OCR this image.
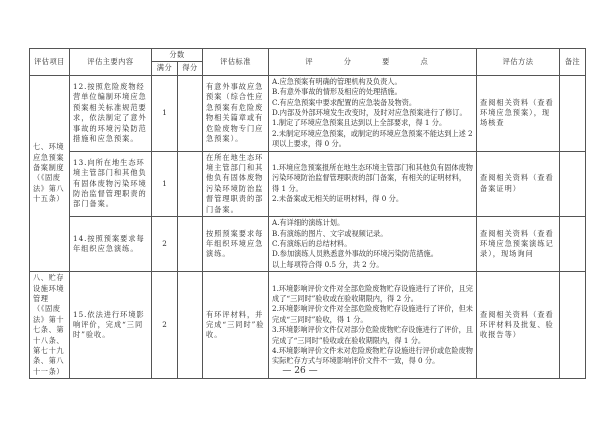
评估项目	评估主要内容	分数		评估标准	评　分　要　点	评估方法	备注
		满分	得分				
七、环境应急预案备案制度（《固废法》第八十五条）	12.按照危险废物经营单位编制环境应急预案相关标准规范要求，依法制定了意外事故的环境污染防范措施和应急预案。	1		有意外事故应急预案（综合性应急预案有危险废物相关篇章或有危险废物专门应急预案）。	
A.应急预案有明确的管理机构及负责人。
B.有意外事故的情形及相应的处理措施。
C.有应急预案中要求配置的应急装备及物资。
D.内部及外部环境发生改变时，及时对应急预案进行了修订。
1.制定了环境应急预案且达到以上全部要求，得 1 分。
2.未制定环境应急预案，或制定的环境应急预案不能达到上述 2 项以上要求，得 0 分。
	查阅相关资料（查看环境应急预案），现场核查	
	13.向所在地生态环境主管部门和其他负有固体废物污染环境防治监督管理职责的部门备案。	1		在所在地生态环境主管部门和其他负有固体废物污染环境防治监督管理职责的部门备案。	1.环境应急预案报所在地生态环境主管部门和其他负有固体废物污染环境防治监督管理职责的部门备案，有相关的证明材料，得 1 分。
2.未备案或无相关的证明材料，得 0 分。	查阅相关资料（查看备案证明）	
	14.按照预案要求每年组织应急演练。	2		按照预案要求每年组织环境应急演练。	A.有详细的演练计划。
B.有演练的图片、文字或视频记录。
C.有演练后的总结材料。
D.参加演练人员熟悉意外事故的环境污染防范措施。
以上每项符合得 0.5 分，共 2 分。	查阅相关资料（查看环境应急预案演练记录），现场询问	
八、贮存设施环境管理（《固废法》第十七条、第十八条、第七十九条、第八十一条）	15.依法进行环境影响评价，完成“三同时”验收。	2		有环评材料，并完成“三同时”验收。	1.环境影响评价文件对全部危险废物贮存设施进行了评价，且完成了“三同时”验收或在验收期限内，得 2 分。
2.环境影响评价文件对全部危险废物贮存设施进行了评价，但未完成“三同时”验收，得 1 分。
3.环境影响评价文件仅对部分危险废物贮存设施进行了评价，且完成了“三同时”验收或在验收期限内，得 1 分。
4.环境影响评价文件未对危险废物贮存设施进行评价或危险废物实际贮存方式与环境影响评价文件不一致，得 0 分。	查阅相关资料（查看环评材料及批复、验收报告等）	
— 26 —
